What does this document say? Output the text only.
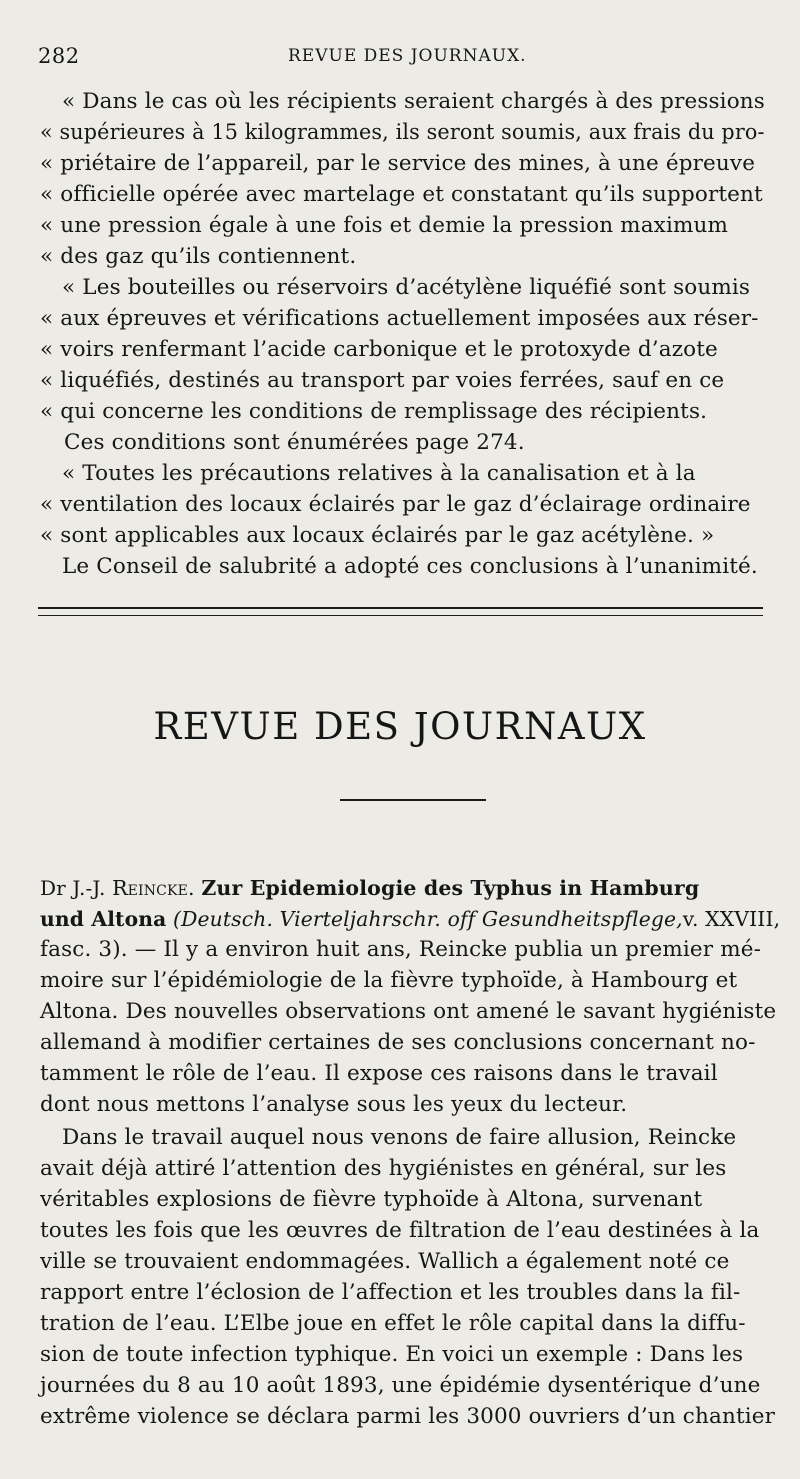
282	REVUE DES JOURNAUX.
« Dans le cas où les récipients seraient chargés à des pressions
« supérieures à 15 kilogrammes, ils seront soumis, aux frais du pro-
« priétaire de l’appareil, par le service des mines, à une épreuve
« officielle opérée avec martelage et constatant qu’ils supportent
« une pression égale à une fois et demie la pression maximum
« des gaz qu’ils contiennent.
« Les bouteilles ou réservoirs d’acétylène liquéfié sont soumis
« aux épreuves et vérifications actuellement imposées aux réser-
« voirs renfermant l’acide carbonique et le protoxyde d’azote
« liquéfiés, destinés au transport par voies ferrées, sauf en ce
« qui concerne les conditions de remplissage des récipients.
Ces conditions sont énumérées page 274.
« Toutes les précautions relatives à la canalisation et à la
« ventilation des locaux éclairés par le gaz d’éclairage ordinaire
« sont applicables aux locaux éclairés par le gaz acétylène. »
Le Conseil de salubrité a adopté ces conclusions à l’unanimité.
REVUE DES JOURNAUX
Dr J.-J. Reincke. Zur Epidemiologie des Typhus in Hamburg
und Altona (Deutsch. Vierteljahrschr. off Gesundheitspflege,v. XXVIII,
fasc. 3). — Il y a environ huit ans, Reincke publia un premier mé-
moire sur l’épidémiologie de la fièvre typhoïde, à Hambourg et
Altona. Des nouvelles observations ont amené le savant hygiéniste
allemand à modifier certaines de ses conclusions concernant no-
tamment le rôle de l’eau. Il expose ces raisons dans le travail
dont nous mettons l’analyse sous les yeux du lecteur.
Dans le travail auquel nous venons de faire allusion, Reincke
avait déjà attiré l’attention des hygiénistes en général, sur les
véritables explosions de fièvre typhoïde à Altona, survenant
toutes les fois que les œuvres de filtration de l’eau destinées à la
ville se trouvaient endommagées. Wallich a également noté ce
rapport entre l’éclosion de l’affection et les troubles dans la fil-
tration de l’eau. L’Elbe joue en effet le rôle capital dans la diffu-
sion de toute infection typhique. En voici un exemple : Dans les
journées du 8 au 10 août 1893, une épidémie dysentérique d’une
extrême violence se déclara parmi les 3000 ouvriers d’un chantier
